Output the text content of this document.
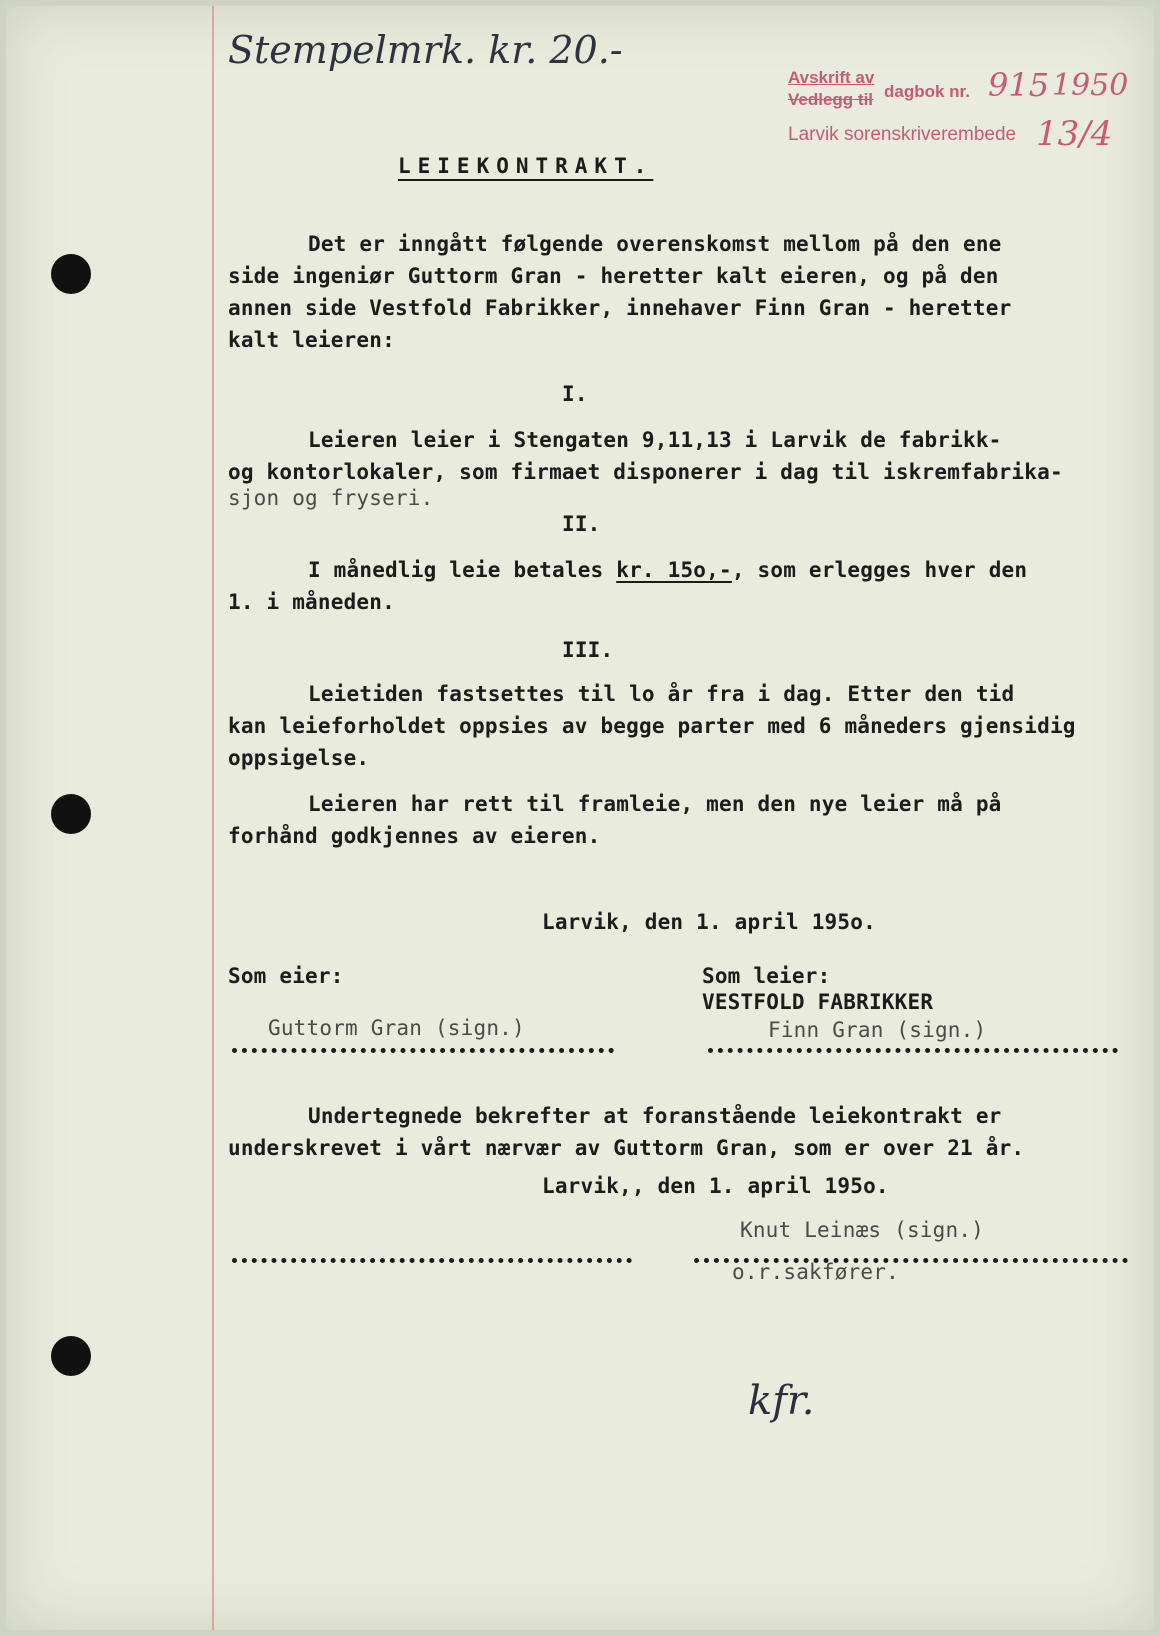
Stempelmrk. kr. 20.-
Avskrift av
Vedlegg til dagbok nr. 915 1950
Larvik sorenskriverembede 13/4
LEIEKONTRAKT.
Det er inngått følgende overenskomst mellom på den ene
side ingeniør Guttorm Gran - heretter kalt eieren, og på den
annen side Vestfold Fabrikker, innehaver Finn Gran - heretter
kalt leieren:
I.
Leieren leier i Stengaten 9,11,13 i Larvik de fabrikk-
og kontorlokaler, som firmaet disponerer i dag til iskremfabrika-
sjon og fryseri.
II.
I månedlig leie betales kr. 15o,-, som erlegges hver den
1. i måneden.
III.
Leietiden fastsettes til lo år fra i dag. Etter den tid
kan leieforholdet oppsies av begge parter med 6 måneders gjensidig
oppsigelse.
Leieren har rett til framleie, men den nye leier må på
forhånd godkjennes av eieren.
Larvik, den 1. april 195o.
Som eier:	Som leier:
VESTFOLD FABRIKKER
Guttorm Gran (sign.)	Finn Gran (sign.)
Undertegnede bekrefter at foranstående leiekontrakt er
underskrevet i vårt nærvær av Guttorm Gran, som er over 21 år.
Larvik,, den 1. april 195o.
Knut Leinæs (sign.)
o.r.sakfører.
kfr.
